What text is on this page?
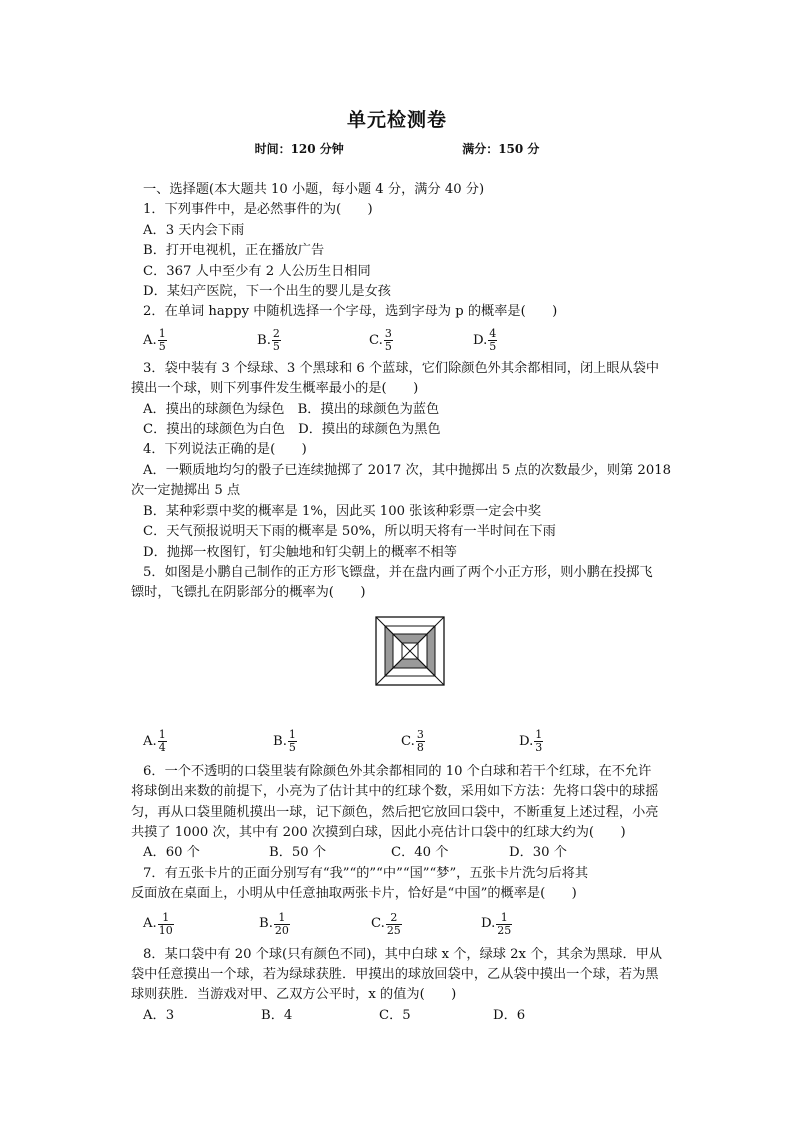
单元检测卷
时间：120 分钟	满分：150 分
一、选择题(本大题共 10 小题，每小题 4 分，满分 40 分)
1．下列事件中，是必然事件的为(　　)
A．3 天内会下雨
B．打开电视机，正在播放广告
C．367 人中至少有 2 人公历生日相同
D．某妇产医院，下一个出生的婴儿是女孩
2．在单词 happy 中随机选择一个字母，选到字母为 p 的概率是(　　)
A. $\frac{1}{5}$	B. $\frac{2}{5}$	C. $\frac{3}{5}$	D. $\frac{4}{5}$
3．袋中装有 3 个绿球、3 个黑球和 6 个蓝球，它们除颜色外其余都相同，闭上眼从袋中
摸出一个球，则下列事件发生概率最小的是(　　)
A．摸出的球颜色为绿色　B．摸出的球颜色为蓝色
C．摸出的球颜色为白色　D．摸出的球颜色为黑色
4．下列说法正确的是(　　)
A．一颗质地均匀的骰子已连续抛掷了 2017 次，其中抛掷出 5 点的次数最少，则第 2018
次一定抛掷出 5 点
B．某种彩票中奖的概率是 1%，因此买 100 张该种彩票一定会中奖
C．天气预报说明天下雨的概率是 50%，所以明天将有一半时间在下雨
D．抛掷一枚图钉，钉尖触地和钉尖朝上的概率不相等
5．如图是小鹏自己制作的正方形飞镖盘，并在盘内画了两个小正方形，则小鹏在投掷飞
镖时，飞镖扎在阴影部分的概率为(　　)
A. $\frac{1}{4}$	B. $\frac{1}{5}$	C. $\frac{3}{8}$	D. $\frac{1}{3}$
6．一个不透明的口袋里装有除颜色外其余都相同的 10 个白球和若干个红球，在不允许
将球倒出来数的前提下，小亮为了估计其中的红球个数，采用如下方法：先将口袋中的球摇
匀，再从口袋里随机摸出一球，记下颜色，然后把它放回口袋中，不断重复上述过程，小亮
共摸了 1000 次，其中有 200 次摸到白球，因此小亮估计口袋中的红球大约为(　　)
A．60 个	B．50 个	C．40 个	D．30 个
7．有五张卡片的正面分别写有“我”“的”“中”“国”“梦”，五张卡片洗匀后将其
反面放在桌面上，小明从中任意抽取两张卡片，恰好是“中国”的概率是(　　)
A. $\frac{1}{10}$	B. $\frac{1}{20}$	C. $\frac{2}{25}$	D. $\frac{1}{25}$
8．某口袋中有 20 个球(只有颜色不同)，其中白球 x 个，绿球 2x 个，其余为黑球．甲从
袋中任意摸出一个球，若为绿球获胜．甲摸出的球放回袋中，乙从袋中摸出一个球，若为黑
球则获胜．当游戏对甲、乙双方公平时，x 的值为(　　)
A．3	B．4	C．5	D．6
